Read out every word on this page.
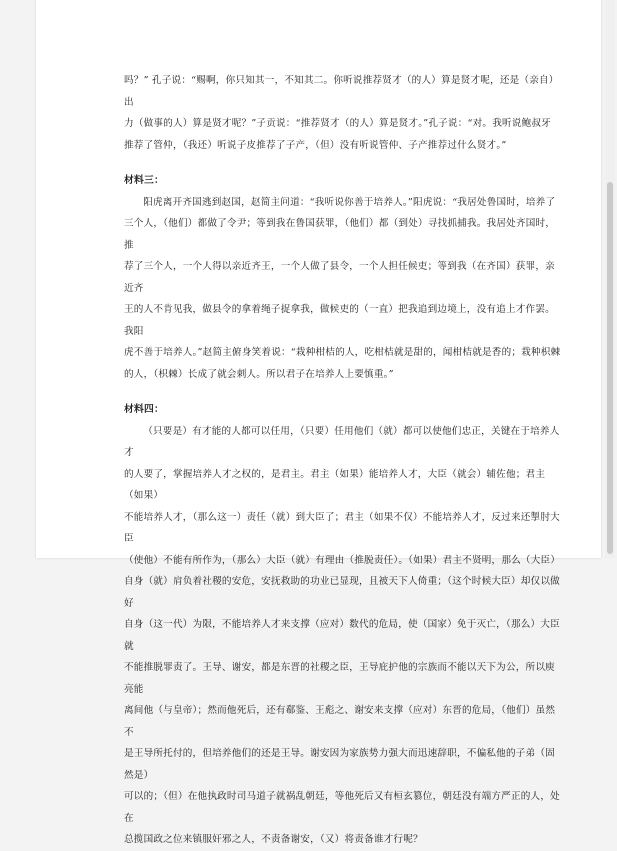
吗？” 孔子说：“赐啊，你只知其一，不知其二。你听说推荐贤才（的人）算是贤才呢，还是（亲自）出

力（做事的人）算是贤才呢？”子贡说：“推荐贤才（的人）算是贤才。”孔子说：“对。我听说鲍叔牙

推荐了管仲，（我还）听说子皮推荐了子产，（但）没有听说管仲、子产推荐过什么贤才。”

材料三：

阳虎离开齐国逃到赵国，赵简主问道：“我听说你善于培养人。”阳虎说：“我居处鲁国时，培养了

三个人，（他们）都做了令尹；等到我在鲁国获罪，（他们）都（到处）寻找抓捕我。我居处齐国时，推

荐了三个人，一个人得以亲近齐王，一个人做了县令，一个人担任候吏；等到我（在齐国）获罪，亲近齐

王的人不肯见我，做县令的拿着绳子捉拿我，做候吏的（一直）把我追到边境上，没有追上才作罢。我阳

虎不善于培养人。”赵简主俯身笑着说：“栽种柑桔的人，吃柑桔就是甜的，闻柑桔就是香的；栽种枳棘

的人，（枳棘）长成了就会刺人。所以君子在培养人上要慎重。”

材料四：

（只要是）有才能的人都可以任用，（只要）任用他们（就）都可以使他们忠正，关键在于培养人才

的人要了，掌握培养人才之权的，是君主。君主（如果）能培养人才，大臣（就会）辅佐他；君主（如果）

不能培养人才，（那么这一）责任（就）到大臣了；君主（如果不仅）不能培养人才，反过来还掣肘大臣

（使他）不能有所作为，（那么）大臣（就）有理由（推脱责任）。（如果）君主不贤明，那么（大臣）

自身（就）肩负着社稷的安危，安抚救助的功业已显现，且被天下人倚重；（这个时候大臣）却仅以做好

自身（这一代）为限，不能培养人才来支撑（应对）数代的危局，使（国家）免于灭亡，（那么）大臣就

不能推脱罪责了。王导、谢安，都是东晋的社稷之臣，王导庇护他的宗族而不能以天下为公，所以庾亮能

离间他（与皇帝）；然而他死后，还有郗鉴、王彪之、谢安来支撑（应对）东晋的危局，（他们）虽然不

是王导所托付的，但培养他们的还是王导。谢安因为家族势力强大而迅速辞职，不偏私他的子弟（固然是）

可以的；（但）在他执政时司马道子就祸乱朝廷，等他死后又有桓玄篡位，朝廷没有端方严正的人，处在

总揽国政之位来镇服奸邪之人，不责备谢安，（又）将责备谁才行呢？
